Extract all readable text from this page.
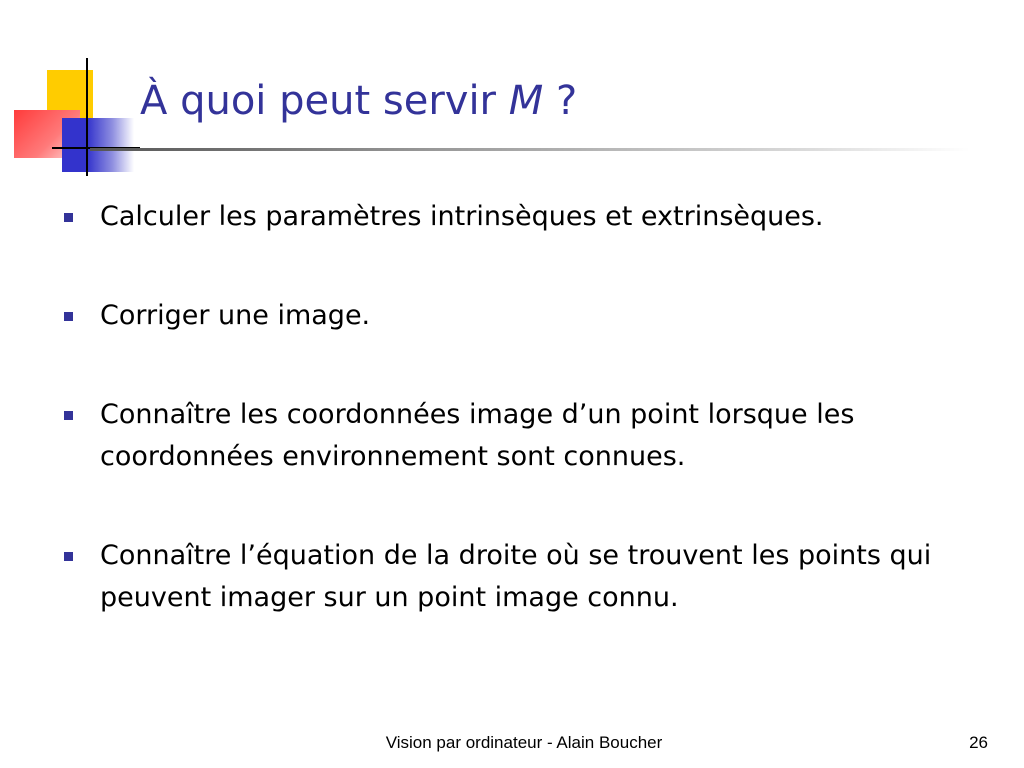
À quoi peut servir M ?
Calculer les paramètres intrinsèques et extrinsèques.
Corriger une image.
Connaître les coordonnées image d’un point lorsque les coordonnées environnement sont connues.
Connaître l’équation de la droite où se trouvent les points qui peuvent imager sur un point image connu.
Vision par ordinateur - Alain Boucher	26
